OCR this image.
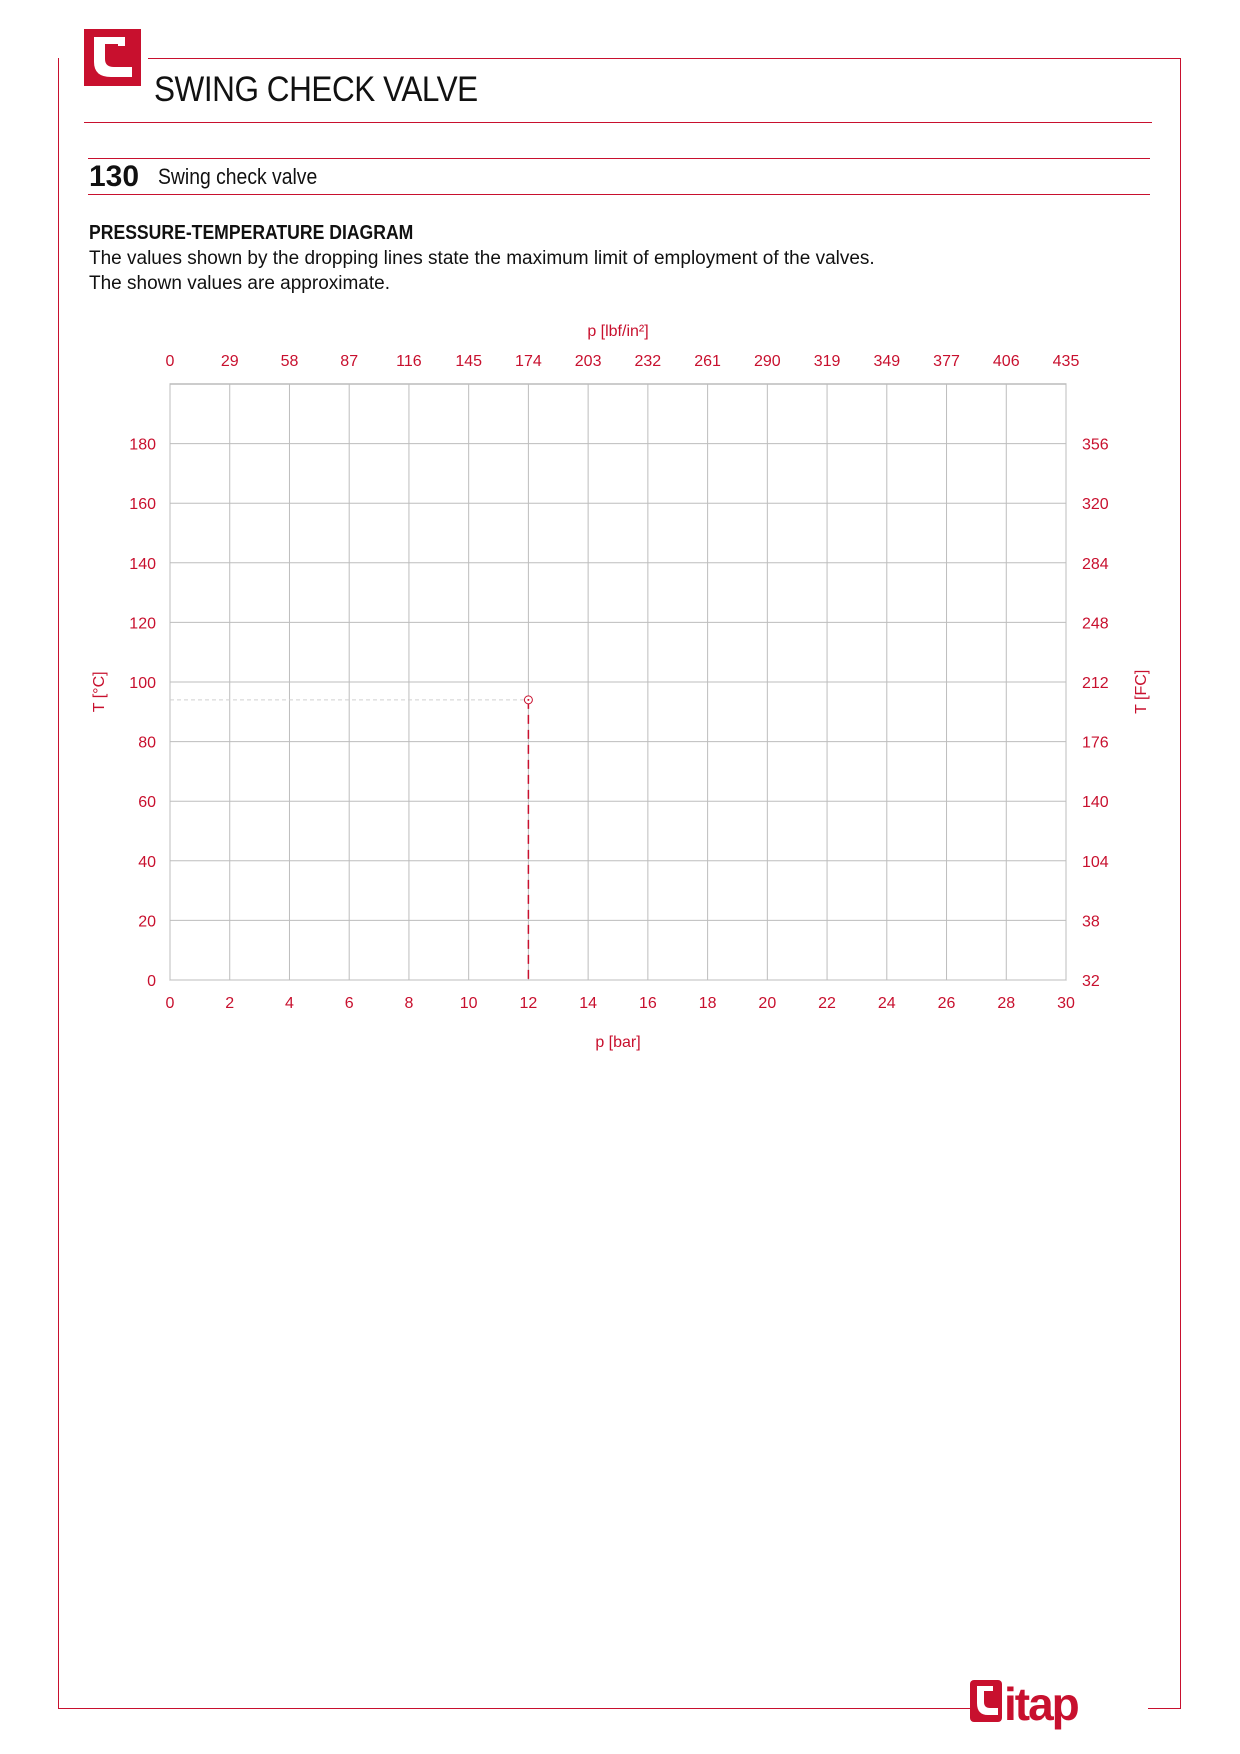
SWING CHECK VALVE
130 Swing check valve
PRESSURE-TEMPERATURE DIAGRAM
The values shown by the dropping lines state the maximum limit of employment of the valves.
The shown values are approximate.
0	2	4	6	8	10	12	14	16	18	20	22	24	26	28	30
0	29	58	87 116 145 174 203 232 261 290 319 349 377 406 435
0
20
40
60
80
100
120
140
160
180
32
38
104
140
176
212
248
284
320
356
p [bar]
p [lbf/in²]
T [°C]	T [FC]
itap
